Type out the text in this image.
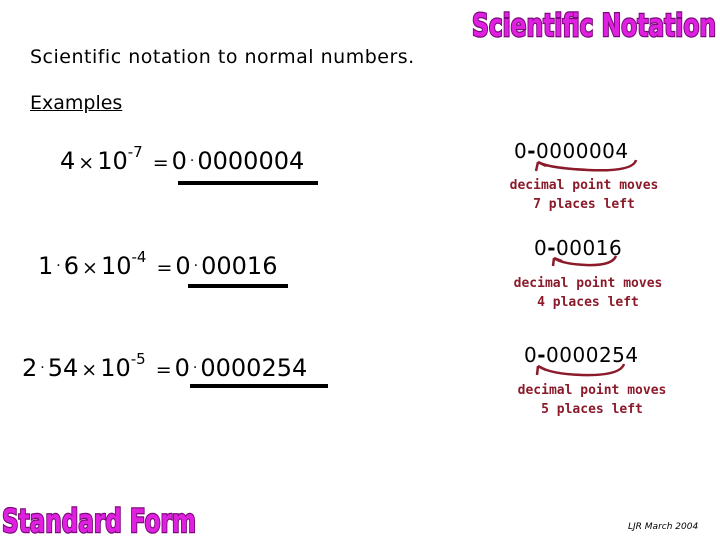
Scientific Notation
Scientific notation to normal numbers.
Examples
$4 \times 10^{-7} = 0 \cdot 0000004$
$1 \cdot 6 \times 10^{-4} = 0 \cdot 00016$
$2 \cdot 54 \times 10^{-5} = 0 \cdot 0000254$
0-0000004
decimal point moves
7 places left
0-00016
decimal point moves
4 places left
0-0000254
decimal point moves
5 places left
Standard Form	LJR March 2004
